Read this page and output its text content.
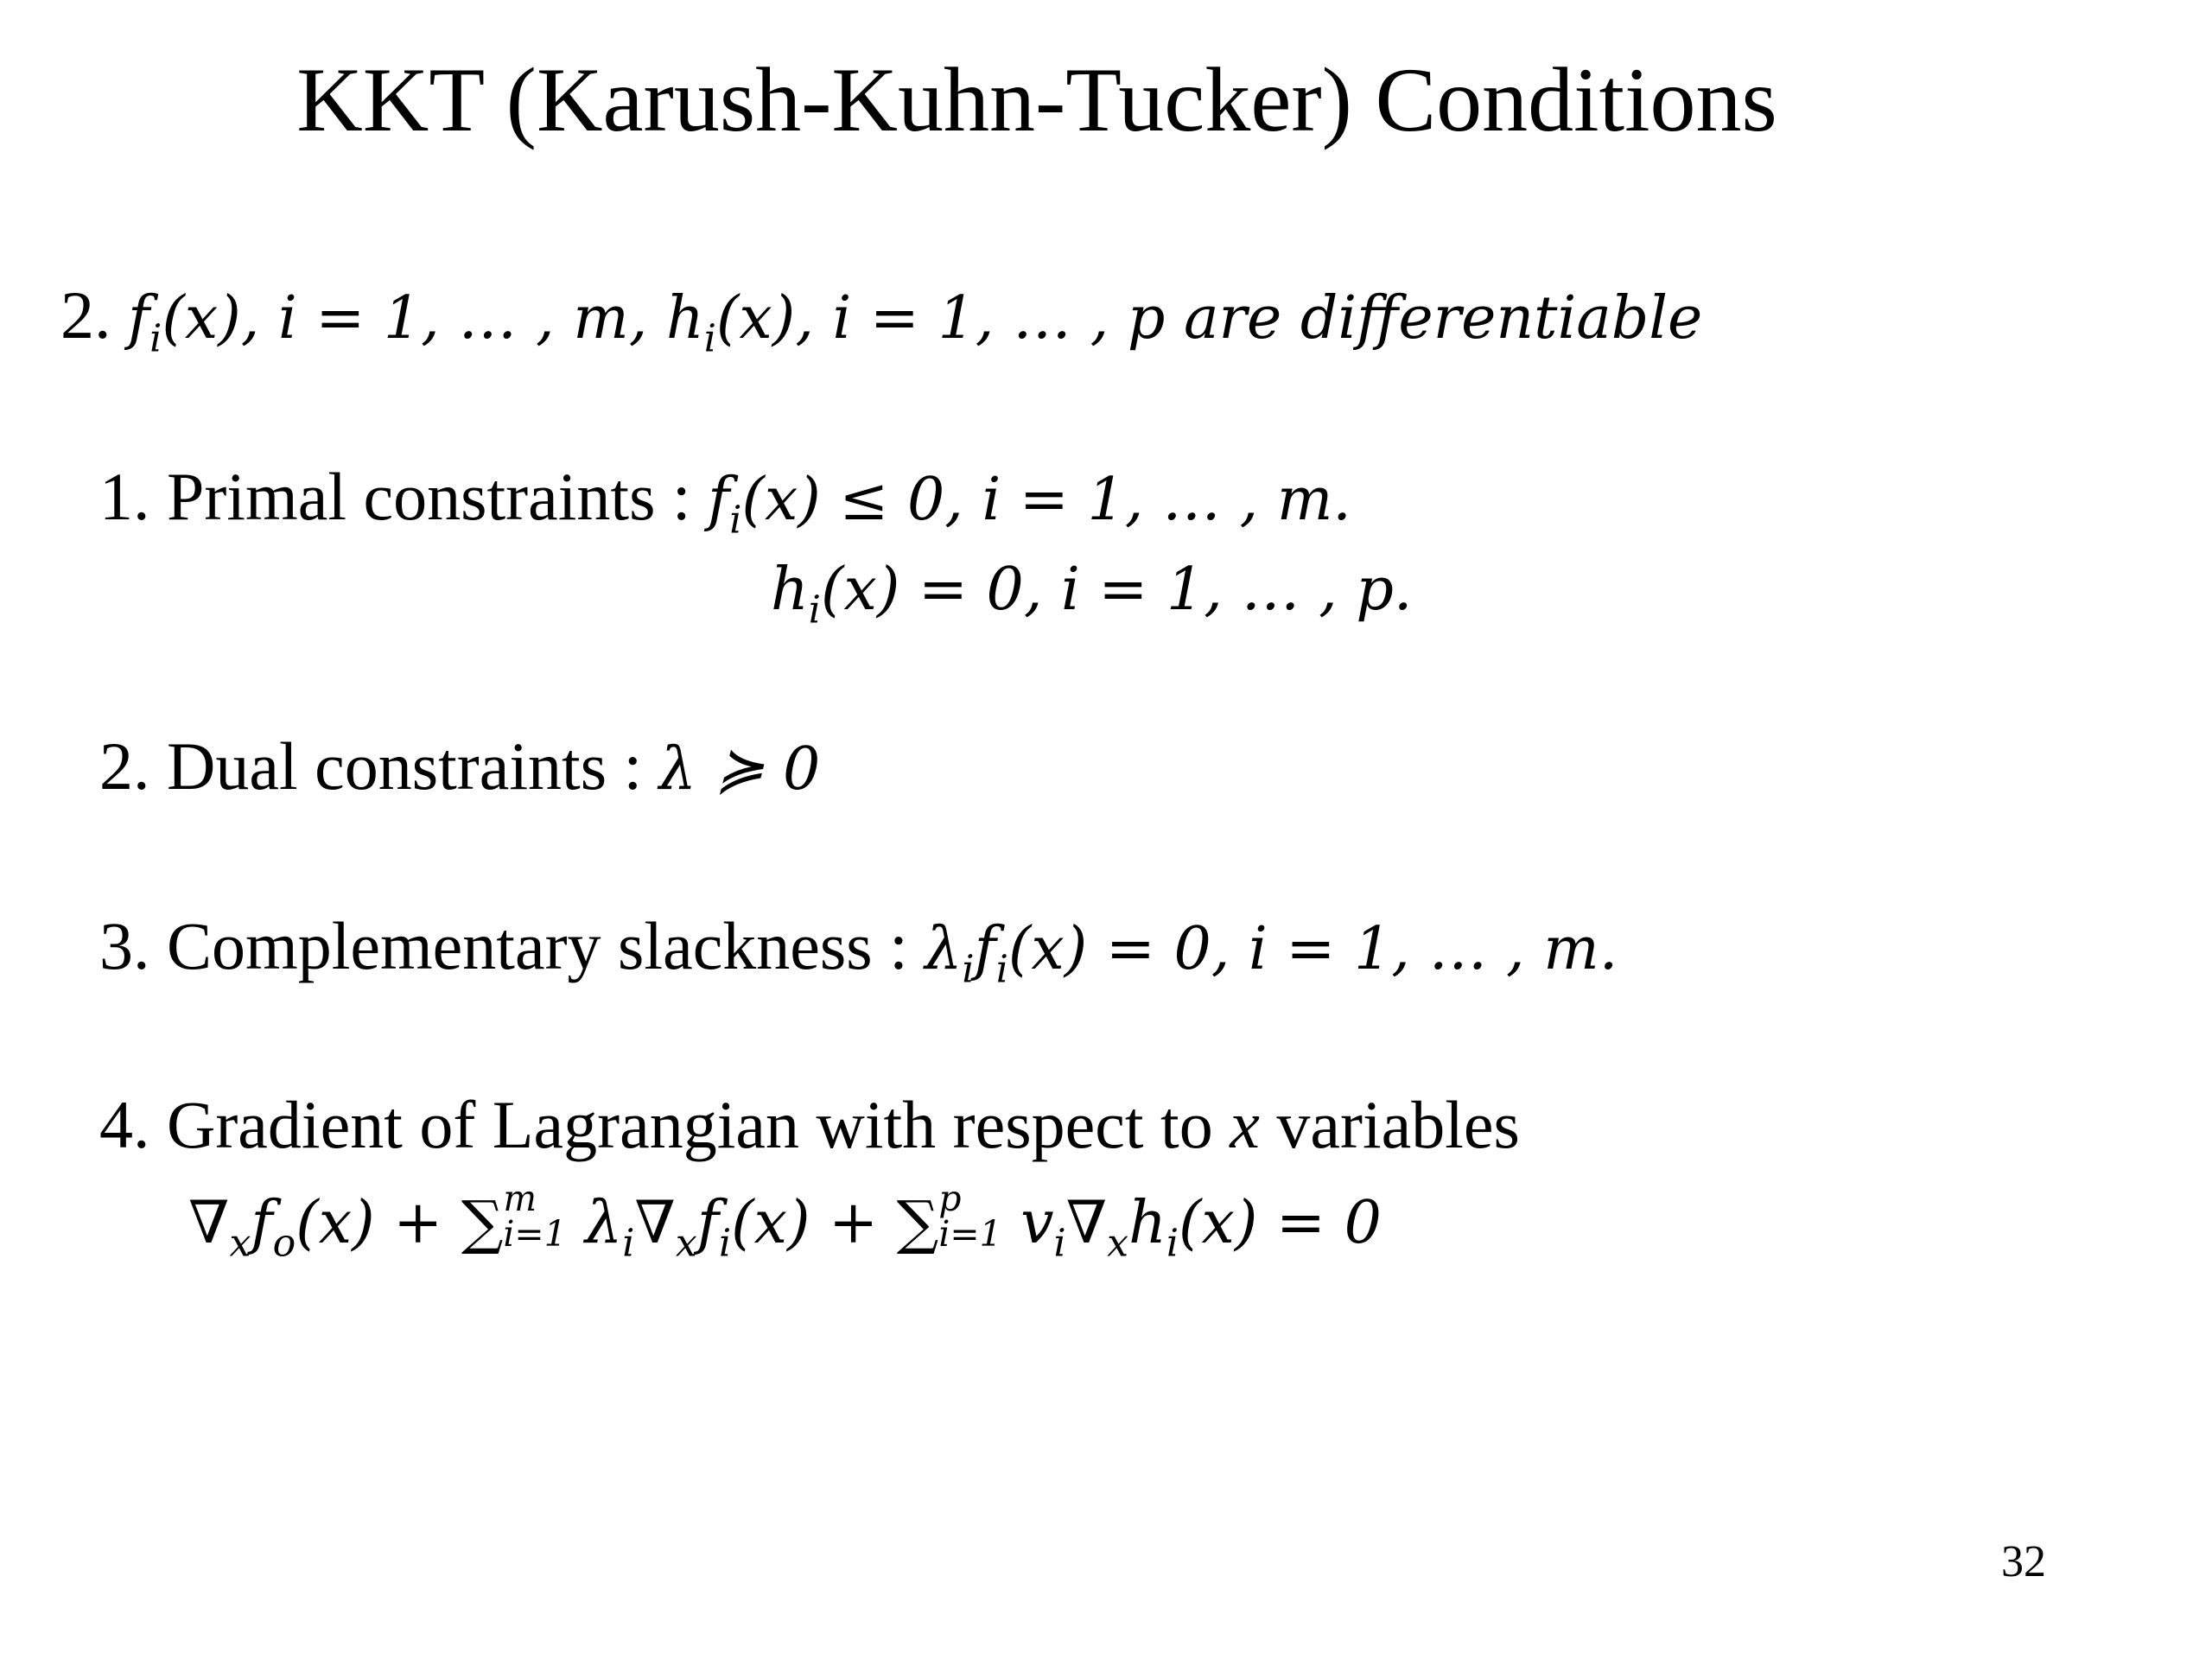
KKT (Karush-Kuhn-Tucker) Conditions
2. $f_i(x)$, i = 1, … , m, $h_i(x)$, i = 1, … , p are differentiable
1. Primal constraints : $f_i(x) \le 0$, i = 1, … , m.
$h_i(x) = 0$, i = 1, … , p.
2. Dual constraints : λ ≽ 0
3. Complementary slackness : $\lambda_if_i(x) = 0$, i = 1, … , m.
4. Gradient of Lagrangian with respect to x variables
$\nabla_xf_o(x)$ + ∑ m
i=1 $\lambda_i\nabla_xf_i(x)$ + ∑ p
i=1 $v_i\nabla_xh_i(x) = 0$
32
